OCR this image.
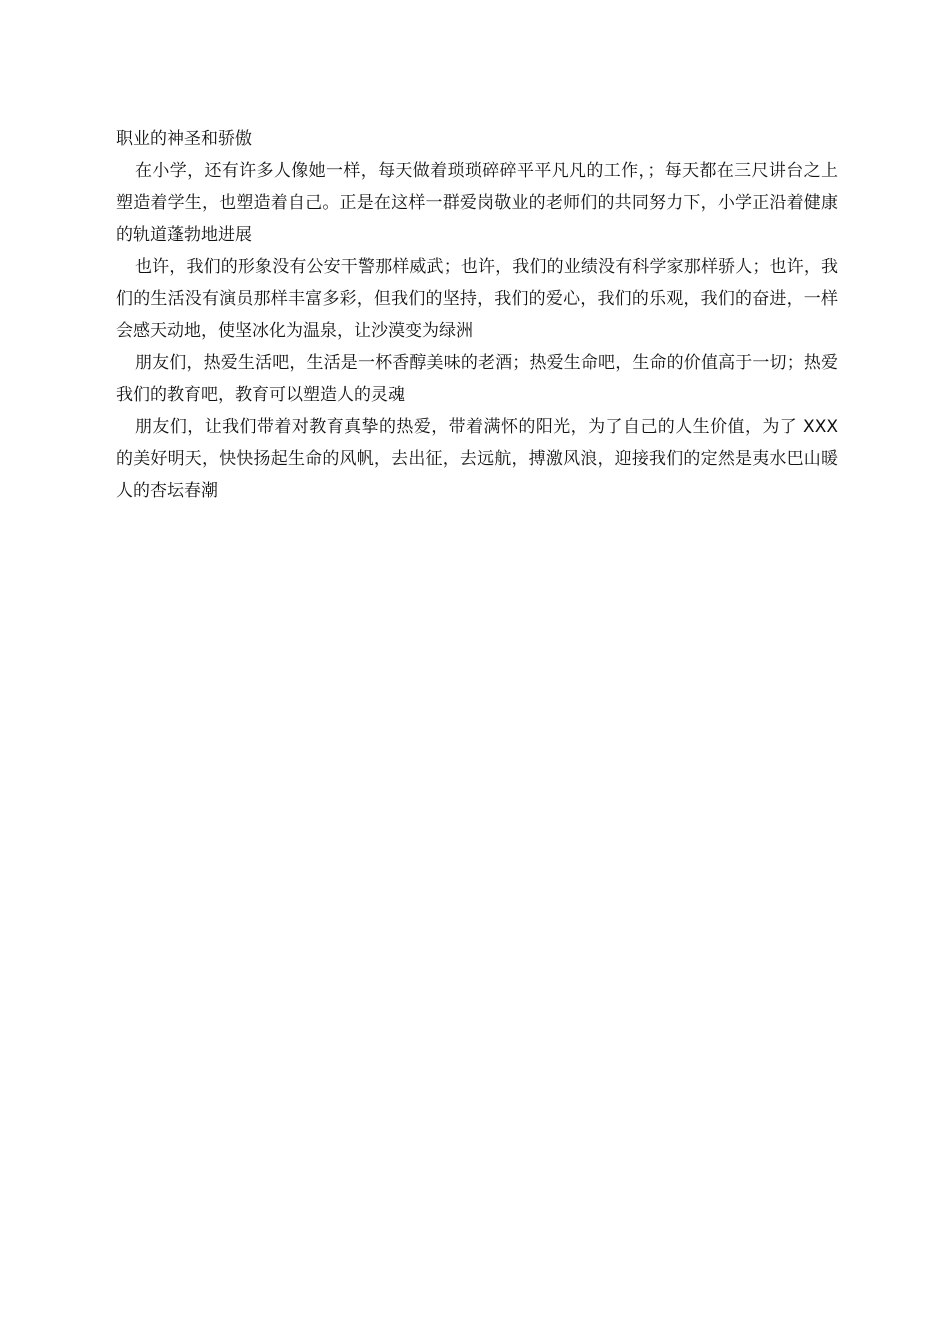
职业的神圣和骄傲

在小学，还有许多人像她一样，每天做着琐琐碎碎平平凡凡的工作，；每天都在三尺讲台之上塑造着学生，也塑造着自己。正是在这样一群爱岗敬业的老师们的共同努力下，小学正沿着健康的轨道蓬勃地进展

也许，我们的形象没有公安干警那样威武；也许，我们的业绩没有科学家那样骄人；也许，我们的生活没有演员那样丰富多彩，但我们的坚持，我们的爱心，我们的乐观，我们的奋进，一样会感天动地，使坚冰化为温泉，让沙漠变为绿洲

朋友们，热爱生活吧，生活是一杯香醇美味的老酒；热爱生命吧，生命的价值高于一切；热爱我们的教育吧，教育可以塑造人的灵魂

朋友们，让我们带着对教育真挚的热爱，带着满怀的阳光，为了自己的人生价值，为了 XXX 的美好明天，快快扬起生命的风帆，去出征，去远航，搏激风浪，迎接我们的定然是夷水巴山暖人的杏坛春潮
